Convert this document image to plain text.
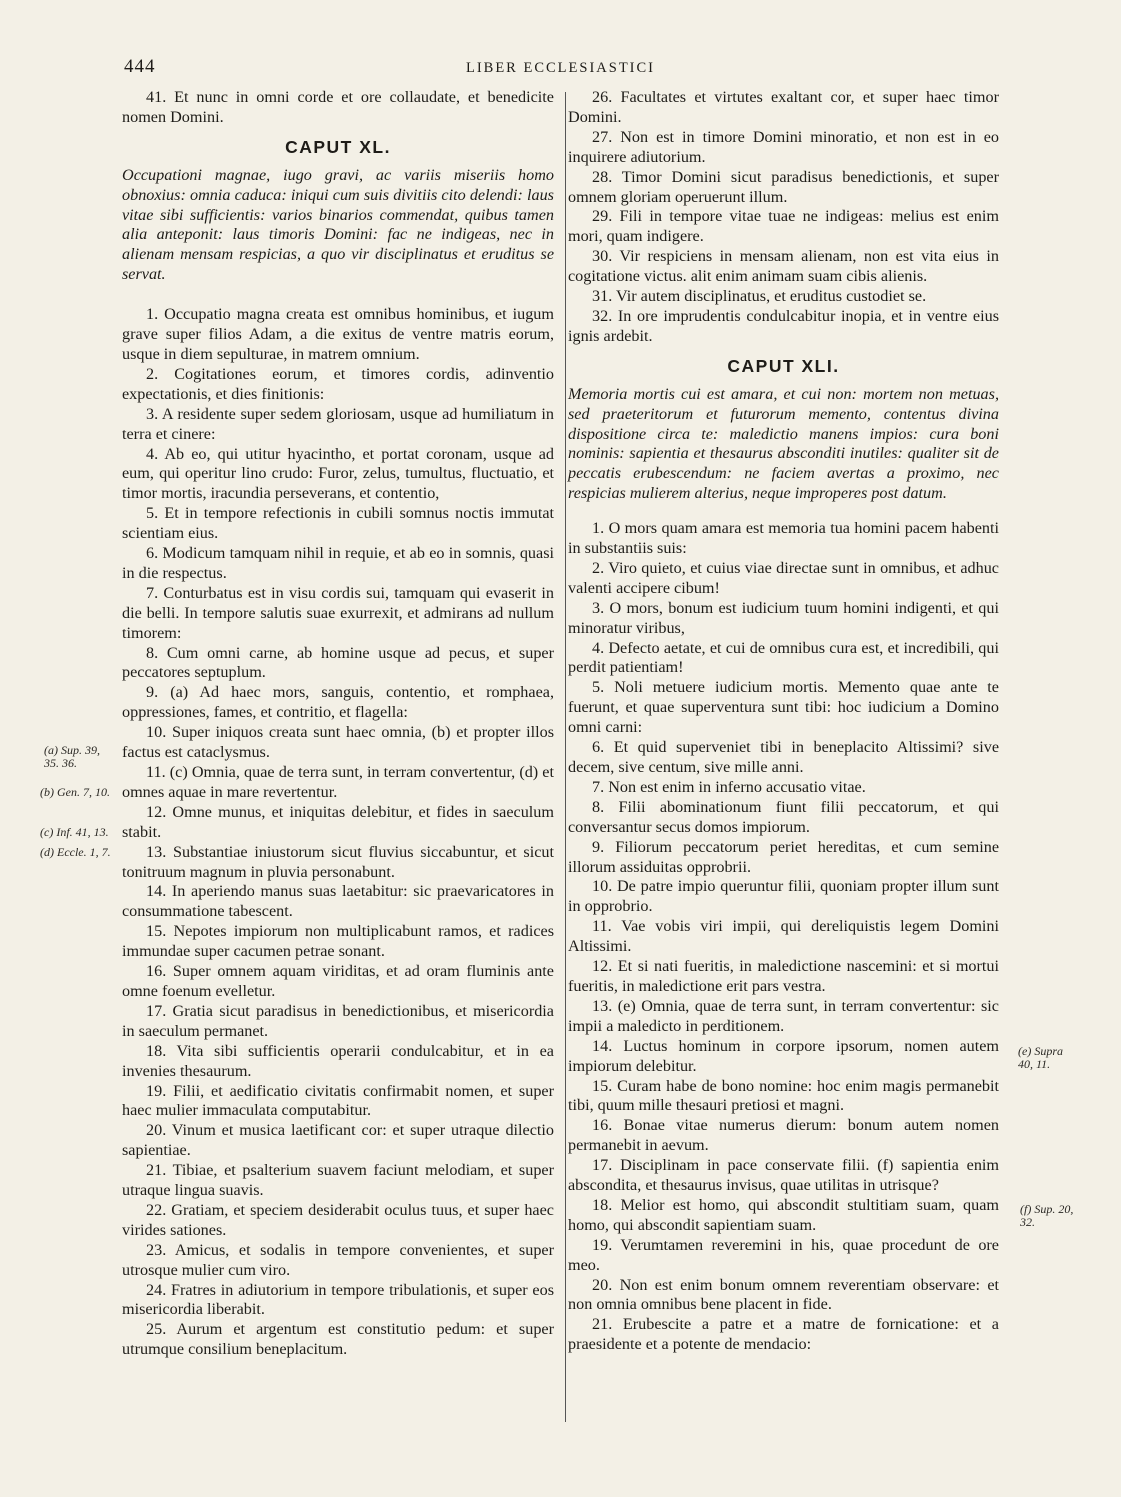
444	LIBER ECCLESIASTICI

41. Et nunc in omni corde et ore collaudate, et benedicite nomen Domini.

CAPUT XL.

Occupationi magnae, iugo gravi, ac variis miseriis homo obnoxius: omnia caduca: iniqui cum suis divitiis cito delendi: laus vitae sibi sufficientis: varios binarios commendat, quibus tamen alia anteponit: laus timoris Domini: fac ne indigeas, nec in alienam mensam respicias, a quo vir disciplinatus et eruditus se servat.

1. Occupatio magna creata est omnibus hominibus, et iugum grave super filios Adam, a die exitus de ventre matris eorum, usque in diem sepulturae, in matrem omnium.

2. Cogitationes eorum, et timores cordis, adinventio expectationis, et dies finitionis:

3. A residente super sedem gloriosam, usque ad humiliatum in terra et cinere:

4. Ab eo, qui utitur hyacintho, et portat coronam, usque ad eum, qui operitur lino crudo: Furor, zelus, tumultus, fluctuatio, et timor mortis, iracundia perseverans, et contentio,

5. Et in tempore refectionis in cubili somnus noctis immutat scientiam eius.

6. Modicum tamquam nihil in requie, et ab eo in somnis, quasi in die respectus.

7. Conturbatus est in visu cordis sui, tamquam qui evaserit in die belli. In tempore salutis suae exurrexit, et admirans ad nullum timorem:

8. Cum omni carne, ab homine usque ad pecus, et super peccatores septuplum.

9. (a) Ad haec mors, sanguis, contentio, et romphaea, oppressiones, fames, et contritio, et flagella:

10. Super iniquos creata sunt haec omnia, (b) et propter illos factus est cataclysmus.

11. (c) Omnia, quae de terra sunt, in terram convertentur, (d) et omnes aquae in mare revertentur.

12. Omne munus, et iniquitas delebitur, et fides in saeculum stabit.

13. Substantiae iniustorum sicut fluvius siccabuntur, et sicut tonitruum magnum in pluvia personabunt.

14. In aperiendo manus suas laetabitur: sic praevaricatores in consummatione tabescent.

15. Nepotes impiorum non multiplicabunt ramos, et radices immundae super cacumen petrae sonant.

16. Super omnem aquam viriditas, et ad oram fluminis ante omne foenum evelletur.

17. Gratia sicut paradisus in benedictionibus, et misericordia in saeculum permanet.

18. Vita sibi sufficientis operarii condulcabitur, et in ea invenies thesaurum.

19. Filii, et aedificatio civitatis confirmabit nomen, et super haec mulier immaculata computabitur.

20. Vinum et musica laetificant cor: et super utraque dilectio sapientiae.

21. Tibiae, et psalterium suavem faciunt melodiam, et super utraque lingua suavis.

22. Gratiam, et speciem desiderabit oculus tuus, et super haec virides sationes.

23. Amicus, et sodalis in tempore convenientes, et super utrosque mulier cum viro.

24. Fratres in adiutorium in tempore tribulationis, et super eos misericordia liberabit.

25. Aurum et argentum est constitutio pedum: et super utrumque consilium beneplacitum.

26. Facultates et virtutes exaltant cor, et super haec timor Domini.

27. Non est in timore Domini minoratio, et non est in eo inquirere adiutorium.

28. Timor Domini sicut paradisus benedictionis, et super omnem gloriam operuerunt illum.

29. Fili in tempore vitae tuae ne indigeas: melius est enim mori, quam indigere.

30. Vir respiciens in mensam alienam, non est vita eius in cogitatione victus. alit enim animam suam cibis alienis.

31. Vir autem disciplinatus, et eruditus custodiet se.

32. In ore imprudentis condulcabitur inopia, et in ventre eius ignis ardebit.

CAPUT XLI.

Memoria mortis cui est amara, et cui non: mortem non metuas, sed praeteritorum et futurorum memento, contentus divina dispositione circa te: maledictio manens impios: cura boni nominis: sapientia et thesaurus absconditi inutiles: qualiter sit de peccatis erubescendum: ne faciem avertas a proximo, nec respicias mulierem alterius, neque improperes post datum.

1. O mors quam amara est memoria tua homini pacem habenti in substantiis suis:

2. Viro quieto, et cuius viae directae sunt in omnibus, et adhuc valenti accipere cibum!

3. O mors, bonum est iudicium tuum homini indigenti, et qui minoratur viribus,

4. Defecto aetate, et cui de omnibus cura est, et incredibili, qui perdit patientiam!

5. Noli metuere iudicium mortis. Memento quae ante te fuerunt, et quae superventura sunt tibi: hoc iudicium a Domino omni carni:

6. Et quid superveniet tibi in beneplacito Altissimi? sive decem, sive centum, sive mille anni.

7. Non est enim in inferno accusatio vitae.

8. Filii abominationum fiunt filii peccatorum, et qui conversantur secus domos impiorum.

9. Filiorum peccatorum periet hereditas, et cum semine illorum assiduitas opprobrii.

10. De patre impio queruntur filii, quoniam propter illum sunt in opprobrio.

11. Vae vobis viri impii, qui dereliquistis legem Domini Altissimi.

12. Et si nati fueritis, in maledictione nascemini: et si mortui fueritis, in maledictione erit pars vestra.

13. (e) Omnia, quae de terra sunt, in terram convertentur: sic impii a maledicto in perditionem.

14. Luctus hominum in corpore ipsorum, nomen autem impiorum delebitur.

15. Curam habe de bono nomine: hoc enim magis permanebit tibi, quum mille thesauri pretiosi et magni.

16. Bonae vitae numerus dierum: bonum autem nomen permanebit in aevum.

17. Disciplinam in pace conservate filii. (f) sapientia enim abscondita, et thesaurus invisus, quae utilitas in utrisque?

18. Melior est homo, qui abscondit stultitiam suam, quam homo, qui abscondit sapientiam suam.

19. Verumtamen reveremini in his, quae procedunt de ore meo.

20. Non est enim bonum omnem reverentiam observare: et non omnia omnibus bene placent in fide.

21. Erubescite a patre et a matre de fornicatione: et a praesidente et a potente de mendacio:

(a) Sup. 39,
35. 36.
(b) Gen. 7, 10.
(c) Inf. 41, 13.
(d) Eccle. 1, 7.
(e) Supra
40, 11.
(f) Sup. 20,
32.
